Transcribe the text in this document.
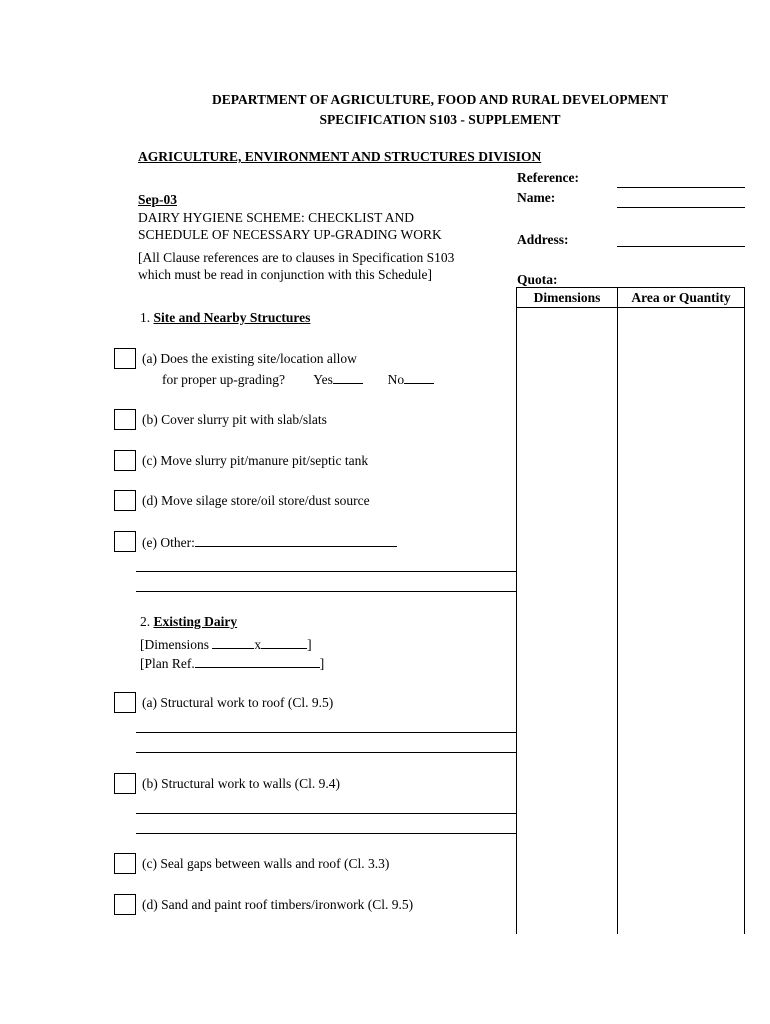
DEPARTMENT OF AGRICULTURE, FOOD AND RURAL DEVELOPMENT
SPECIFICATION S103 - SUPPLEMENT
AGRICULTURE, ENVIRONMENT AND STRUCTURES DIVISION
Sep-03
DAIRY HYGIENE SCHEME: CHECKLIST AND
SCHEDULE OF NECESSARY UP-GRADING WORK
[All Clause references are to clauses in Specification S103
which must be read in conjunction with this Schedule]
Reference:
Name:
Address:
Quota:
Dimensions	Area or Quantity
1. Site and Nearby Structures
(a) Does the existing site/location allow
for proper up-grading? Yes	No
(b) Cover slurry pit with slab/slats
(c) Move slurry pit/manure pit/septic tank
(d) Move silage store/oil store/dust source
(e) Other:
2. Existing Dairy
[Dimensions	x	]
[Plan Ref.	]
(a) Structural work to roof (Cl. 9.5)
(b) Structural work to walls (Cl. 9.4)
(c) Seal gaps between walls and roof (Cl. 3.3)
(d) Sand and paint roof timbers/ironwork (Cl. 9.5)
